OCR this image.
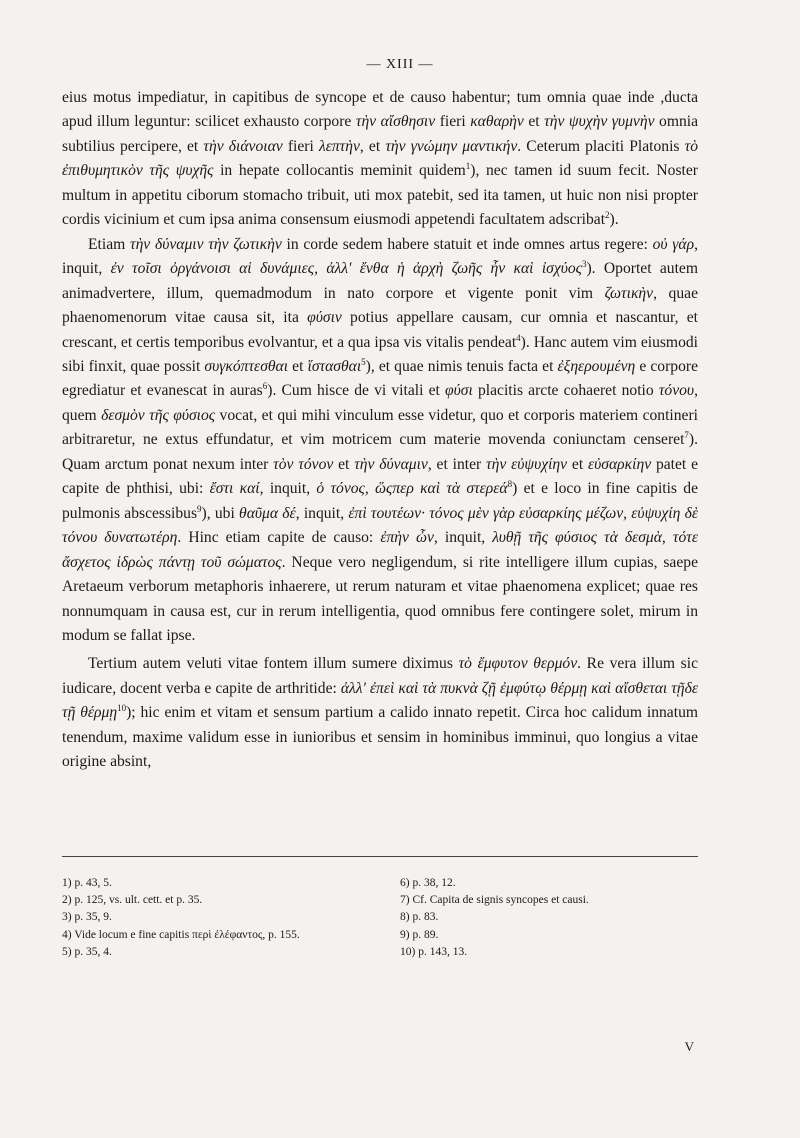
— XIII —

eius motus impediatur, in capitibus de syncope et de causo habentur; tum omnia quae inde ,ducta apud illum leguntur: scilicet exhausto corpore τὴν αἴσθησιν fieri καθαρὴν et τὴν ψυχὴν γυμνὴν omnia subtilius percipere, et τὴν διάνοιαν fieri λεπτὴν, et τὴν γνώμην μαντικήν. Ceterum placiti Platonis τὸ ἐπιθυμητικὸν τῆς ψυχῆς in hepate collocantis meminit quidem$^1$), nec tamen id suum fecit. Noster multum in appetitu ciborum stomacho tribuit, uti mox patebit, sed ita tamen, ut huic non nisi propter cordis vicinium et cum ipsa anima consensum eiusmodi appetendi facultatem adscribat$^2$).

Etiam τὴν δύναμιν τὴν ζωτικὴν in corde sedem habere statuit et inde omnes artus regere: οὐ γάρ, inquit, ἐν τοῖσι ὀργάνοισι αἱ δυνάμιες, ἀλλ' ἔνθα ἡ ἀρχὴ ζωῆς ἦν καὶ ἰσχύος$^3$). Oportet autem animadvertere, illum, quemadmodum in nato corpore et vigente ponit vim ζωτικὴν, quae phaenomenorum vitae causa sit, ita φύσιν potius appellare causam, cur omnia et nascantur, et crescant, et certis temporibus evolvantur, et a qua ipsa vis vitalis pendeat$^4$). Hanc autem vim eiusmodi sibi finxit, quae possit συγκόπτεσθαι et ἵστασθαι$^5$), et quae nimis tenuis facta et ἐξηερουμένη e corpore egrediatur et evanescat in auras$^6$). Cum hisce de vi vitali et φύσι placitis arcte cohaeret notio τόνου, quem δεσμὸν τῆς φύσιος vocat, et qui mihi vinculum esse videtur, quo et corporis materiem contineri arbitraretur, ne extus effundatur, et vim motricem cum materie movenda coniunctam censeret$^7$). Quam arctum ponat nexum inter τὸν τόνον et τὴν δύναμιν, et inter τὴν εὐψυχίην et εὐσαρκίην patet e capite de phthisi, ubi: ἔστι καί, inquit, ὁ τόνος, ὥςπερ καὶ τὰ στερεά$^8$) et e loco in fine capitis de pulmonis abscessibus$^9$), ubi θαῦμα δέ, inquit, ἐπὶ τουτέων· τόνος μὲν γὰρ εὐσαρκίης μέζων, εὐψυχίη δὲ τόνου δυνατωτέρη. Hinc etiam capite de causo: ἐπὴν ὦν, inquit, λυθῇ τῆς φύσιος τὰ δεσμὰ, τότε ἄσχετος ἱδρὼς πάντῃ τοῦ σώματος. Neque vero negligendum, si rite intelligere illum cupias, saepe Aretaeum verborum metaphoris inhaerere, ut rerum naturam et vitae phaenomena explicet; quae res nonnumquam in causa est, cur in rerum intelligentia, quod omnibus fere contingere solet, mirum in modum se fallat ipse.

Tertium autem veluti vitae fontem illum sumere diximus τὸ ἔμφυτον θερμόν. Re vera illum sic iudicare, docent verba e capite de arthritide: ἀλλ' ἐπεὶ καὶ τὰ πυκνὰ ζῇ ἐμφύτῳ θέρμῃ καὶ αἴσθεται τῇδε τῇ θέρμῃ$^{10}$); hic enim et vitam et sensum partium a calido innato repetit. Circa hoc calidum innatum tenendum, maxime validum esse in iunioribus et sensim in hominibus imminui, quo longius a vitae origine absint,

1) p. 43, 5.
2) p. 125, vs. ult. cett. et p. 35.
3) p. 35, 9.
4) Vide locum e fine capitis περὶ ἐλέφαντος, p. 155.
5) p. 35, 4.
6) p. 38, 12.
7) Cf. Capita de signis syncopes et causi.
8) p. 83.
9) p. 89.
10) p. 143, 13.
V
